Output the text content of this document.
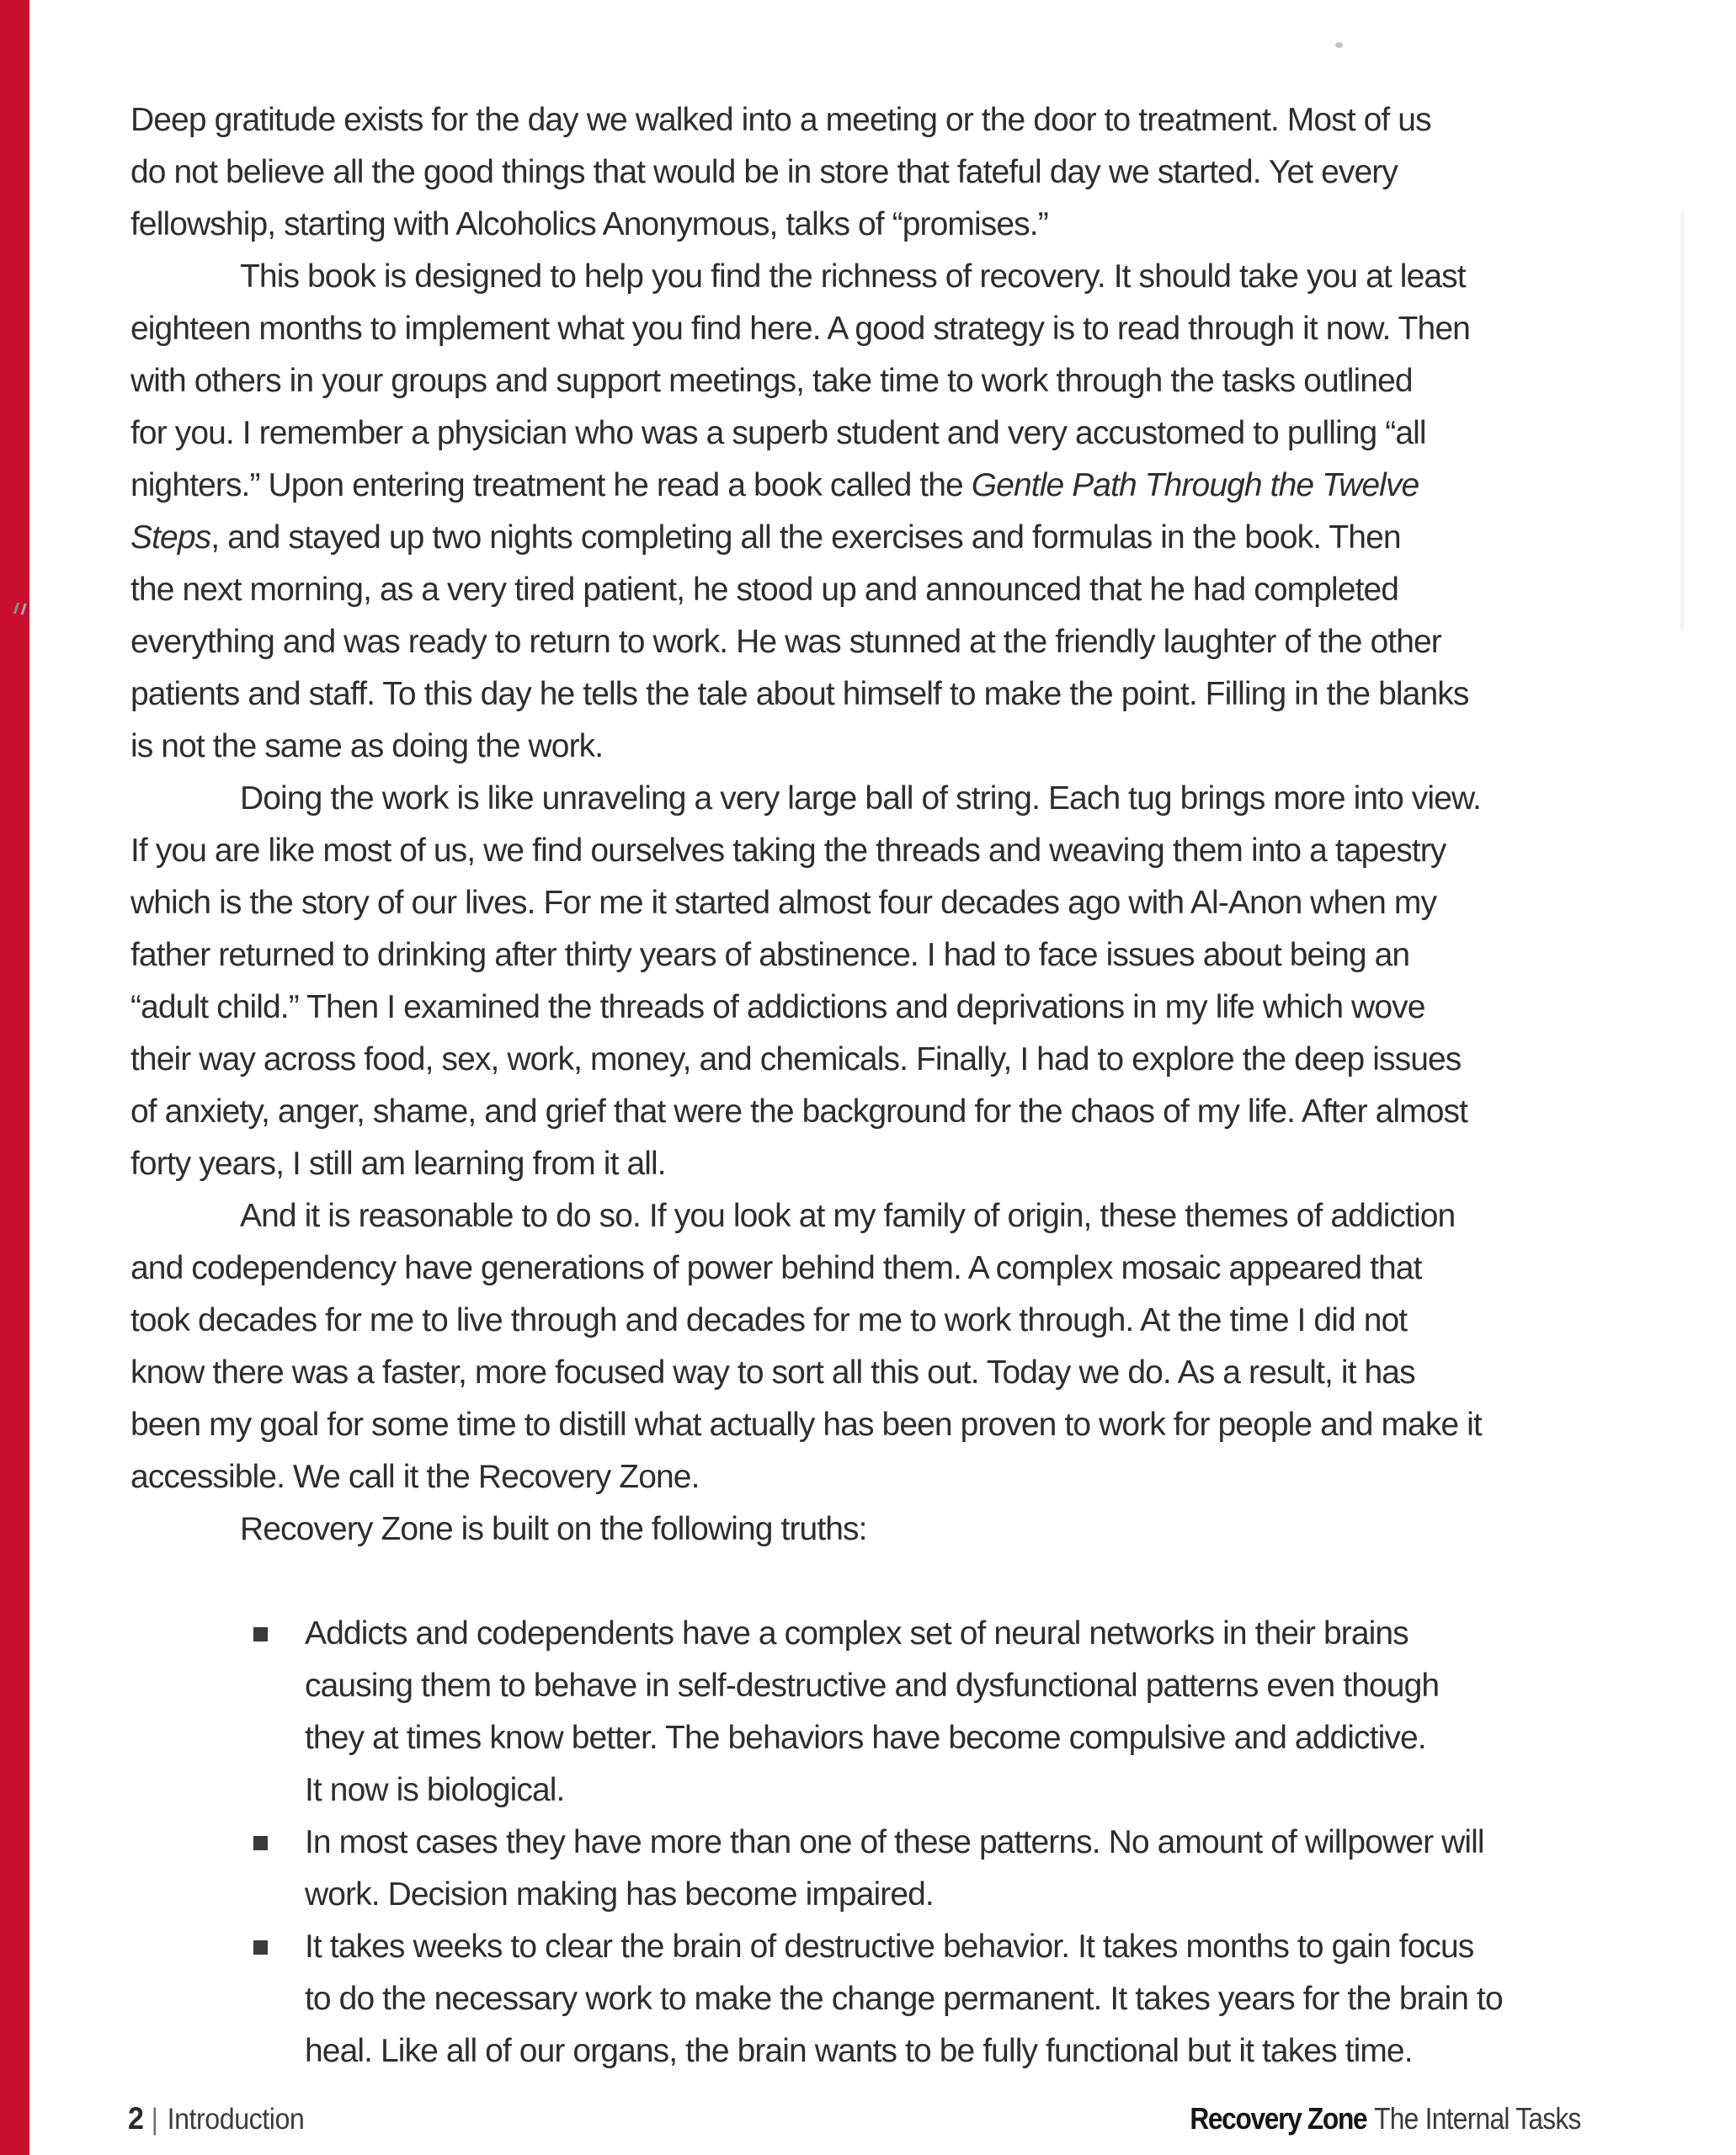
Deep gratitude exists for the day we walked into a meeting or the door to treatment. Most of us
do not believe all the good things that would be in store that fateful day we started. Yet every
fellowship, starting with Alcoholics Anonymous, talks of “promises.”
This book is designed to help you find the richness of recovery. It should take you at least
eighteen months to implement what you find here. A good strategy is to read through it now. Then
with others in your groups and support meetings, take time to work through the tasks outlined
for you. I remember a physician who was a superb student and very accustomed to pulling “all
nighters.” Upon entering treatment he read a book called the Gentle Path Through the Twelve
Steps, and stayed up two nights completing all the exercises and formulas in the book. Then
the next morning, as a very tired patient, he stood up and announced that he had completed
everything and was ready to return to work. He was stunned at the friendly laughter of the other
patients and staff. To this day he tells the tale about himself to make the point. Filling in the blanks
is not the same as doing the work.
Doing the work is like unraveling a very large ball of string. Each tug brings more into view.
If you are like most of us, we find ourselves taking the threads and weaving them into a tapestry
which is the story of our lives. For me it started almost four decades ago with Al-Anon when my
father returned to drinking after thirty years of abstinence. I had to face issues about being an
“adult child.” Then I examined the threads of addictions and deprivations in my life which wove
their way across food, sex, work, money, and chemicals. Finally, I had to explore the deep issues
of anxiety, anger, shame, and grief that were the background for the chaos of my life. After almost
forty years, I still am learning from it all.
And it is reasonable to do so. If you look at my family of origin, these themes of addiction
and codependency have generations of power behind them. A complex mosaic appeared that
took decades for me to live through and decades for me to work through. At the time I did not
know there was a faster, more focused way to sort all this out. Today we do. As a result, it has
been my goal for some time to distill what actually has been proven to work for people and make it
accessible. We call it the Recovery Zone.
Recovery Zone is built on the following truths:
Addicts and codependents have a complex set of neural networks in their brains
causing them to behave in self-destructive and dysfunctional patterns even though
they at times know better. The behaviors have become compulsive and addictive.
It now is biological.
In most cases they have more than one of these patterns. No amount of willpower will
work. Decision making has become impaired.
It takes weeks to clear the brain of destructive behavior. It takes months to gain focus
to do the necessary work to make the change permanent. It takes years for the brain to
heal. Like all of our organs, the brain wants to be fully functional but it takes time.
2 | Introduction	Recovery Zone The Internal Tasks
